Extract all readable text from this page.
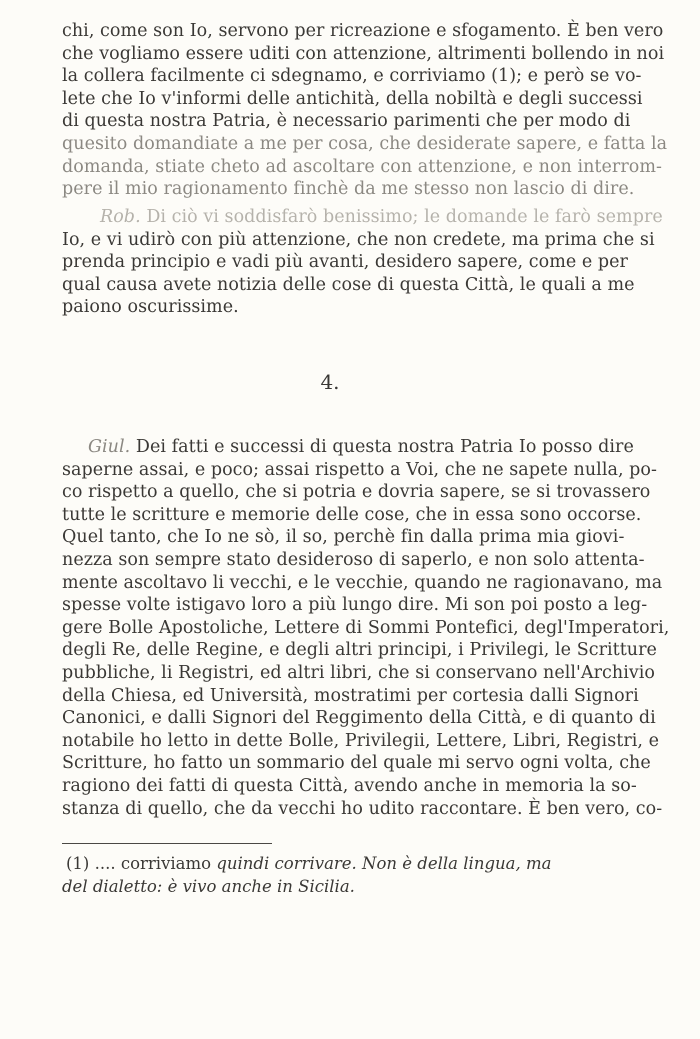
chi, come son Io, servono per ricreazione e sfogamento. È ben vero
che vogliamo essere uditi con attenzione, altrimenti bollendo in noi
la collera facilmente ci sdegnamo, e corriviamo (1); e però se vo-
lete che Io v'informi delle antichità, della nobiltà e degli successi
di questa nostra Patria, è necessario parimenti che per modo di
quesito domandiate a me per cosa, che desiderate sapere, e fatta la
domanda, stiate cheto ad ascoltare con attenzione, e non interrom-
pere il mio ragionamento finchè da me stesso non lascio di dire.
Rob. Di ciò vi soddisfarò benissimo; le domande le farò sempre
Io, e vi udirò con più attenzione, che non credete, ma prima che si
prenda principio e vadi più avanti, desidero sapere, come e per
qual causa avete notizia delle cose di questa Città, le quali a me
paiono oscurissime.
4.
Giul. Dei fatti e successi di questa nostra Patria Io posso dire
saperne assai, e poco; assai rispetto a Voi, che ne sapete nulla, po-
co rispetto a quello, che si potria e dovria sapere, se si trovassero
tutte le scritture e memorie delle cose, che in essa sono occorse.
Quel tanto, che Io ne sò, il so, perchè fin dalla prima mia giovi-
nezza son sempre stato desideroso di saperlo, e non solo attenta-
mente ascoltavo li vecchi, e le vecchie, quando ne ragionavano, ma
spesse volte istigavo loro a più lungo dire. Mi son poi posto a leg-
gere Bolle Apostoliche, Lettere di Sommi Pontefici, degl'Imperatori,
degli Re, delle Regine, e degli altri principi, i Privilegi, le Scritture
pubbliche, li Registri, ed altri libri, che si conservano nell'Archivio
della Chiesa, ed Università, mostratimi per cortesia dalli Signori
Canonici, e dalli Signori del Reggimento della Città, e di quanto di
notabile ho letto in dette Bolle, Privilegii, Lettere, Libri, Registri, e
Scritture, ho fatto un sommario del quale mi servo ogni volta, che
ragiono dei fatti di questa Città, avendo anche in memoria la so-
stanza di quello, che da vecchi ho udito raccontare. È ben vero, co-
(1) .... corriviamo quindi corrivare. Non è della lingua, ma
del dialetto: è vivo anche in Sicilia.
